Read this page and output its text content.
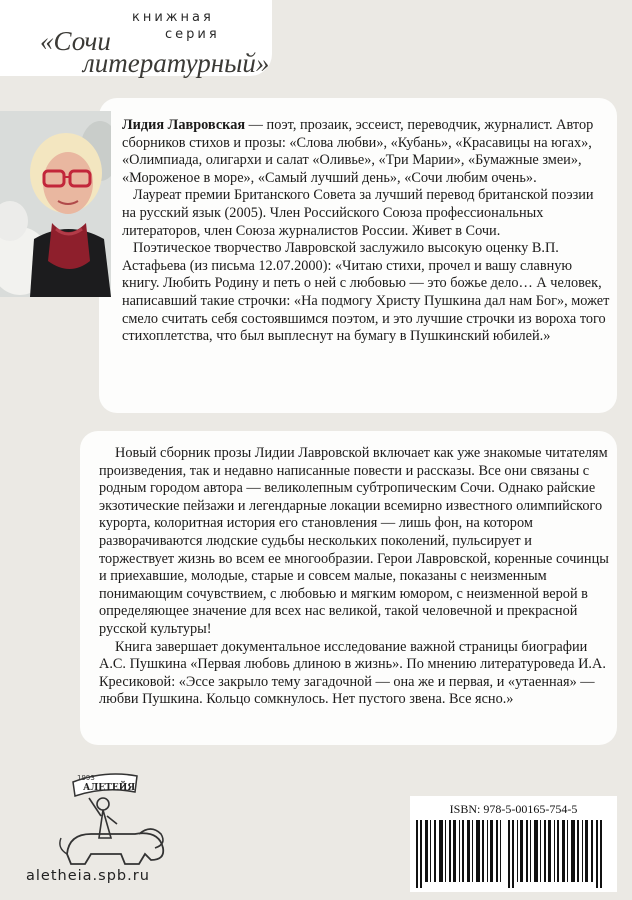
книжная
серия
«Сочи
литературный»

Лидия Лавровская — поэт, прозаик, эссеист, переводчик, журналист. Автор сборников стихов и прозы: «Слова любви», «Кубань», «Красавицы на югах», «Олимпиада, олигархи и салат «Оливье», «Три Марии», «Бумажные змеи», «Мороженое в море», «Самый лучший день», «Сочи любим очень».

Лауреат премии Британского Совета за лучший перевод британской поэзии на русский язык (2005). Член Российского Союза профессиональных литераторов, член Союза журналистов России. Живет в Сочи.

Поэтическое творчество Лавровской заслужило высокую оценку В.П. Астафьева (из письма 12.07.2000): «Читаю стихи, прочел и вашу славную книгу. Любить Родину и петь о ней с любовью — это божье дело… А человек, написавший такие строчки: «На подмогу Христу Пушкина дал нам Бог», может смело считать себя состоявшимся поэтом, и это лучшие строчки из вороха того стихоплетства, что был выплеснут на бумагу в Пушкинский юбилей.»

Новый сборник прозы Лидии Лавровской включает как уже знакомые читателям произведения, так и недавно написанные повести и рассказы. Все они связаны с родным городом автора — великолепным субтропическим Сочи. Однако райские экзотические пейзажи и легендарные локации всемирно известного олимпийского курорта, колоритная история его становления — лишь фон, на котором разворачиваются людские судьбы нескольких поколений, пульсирует и торжествует жизнь во всем ее многообразии. Герои Лавровской, коренные сочинцы и приехавшие, молодые, старые и совсем малые, показаны с неизменным понимающим сочувствием, с любовью и мягким юмором, с неизменной верой в определяющее значение для всех нас великой, такой человечной и прекрасной русской культуры!

Книга завершает документальное исследование важной страницы биографии А.С. Пушкина «Первая любовь длиною в жизнь». По мнению литературоведа И.А. Кресиковой: «Эссе закрыло тему загадочной — она же и первая, и «утаенная» — любви Пушкина. Кольцо сомкнулось. Нет пустого звена. Все ясно.»

1993
АЛЕТЕЙЯ
aletheia.spb.ru
ISBN: 978-5-00165-754-5
